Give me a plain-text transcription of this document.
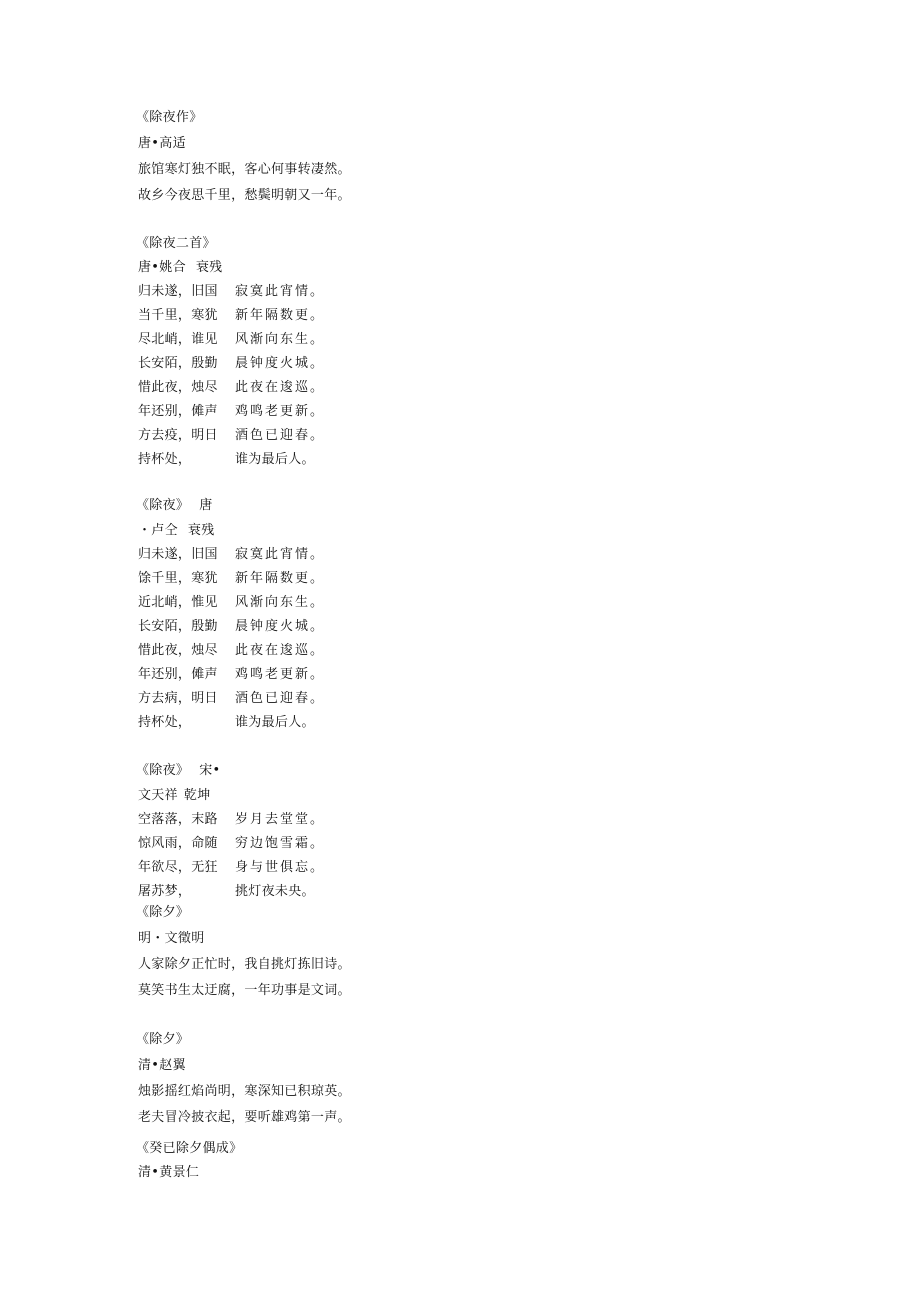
《除夜作》
唐•高适
旅馆寒灯独不眠，客心何事转凄然。
故乡今夜思千里，愁鬓明朝又一年。
《除夜二首》
唐•姚合 衰残
归未遂，旧国 寂寞此宵情。
当千里，寒犹 新年隔数更。
尽北峭，谁见 风渐向东生。
长安陌，殷勤 晨钟度火城。
惜此夜，烛尽 此夜在逡巡。
年还别，傩声 鸡鸣老更新。
方去疫，明日 酒色已迎春。
持杯处，	谁为最后人。
《除夜》 唐
・卢仝 衰残
归未遂，旧国 寂寞此宵情。
馀千里，寒犹 新年隔数更。
近北峭，惟见 风渐向东生。
长安陌，殷勤 晨钟度火城。
惜此夜，烛尽 此夜在逡巡。
年还别，傩声 鸡鸣老更新。
方去病，明日 酒色已迎春。
持杯处，	谁为最后人。
《除夜》 宋•
文天祥 乾坤
空落落，末路 岁月去堂堂。
惊风雨，命随 穷边饱雪霜。
年欲尽，无狂 身与世俱忘。
屠苏梦，	挑灯夜未央。
《除夕》
明・文徵明
人家除夕正忙时，我自挑灯拣旧诗。
莫笑书生太迂腐，一年功事是文词。
《除夕》
清•赵翼
烛影摇红焰尚明，寒深知已积琼英。
老夫冒冷披衣起，要听雄鸡第一声。
《癸已除夕偶成》
清•黄景仁
